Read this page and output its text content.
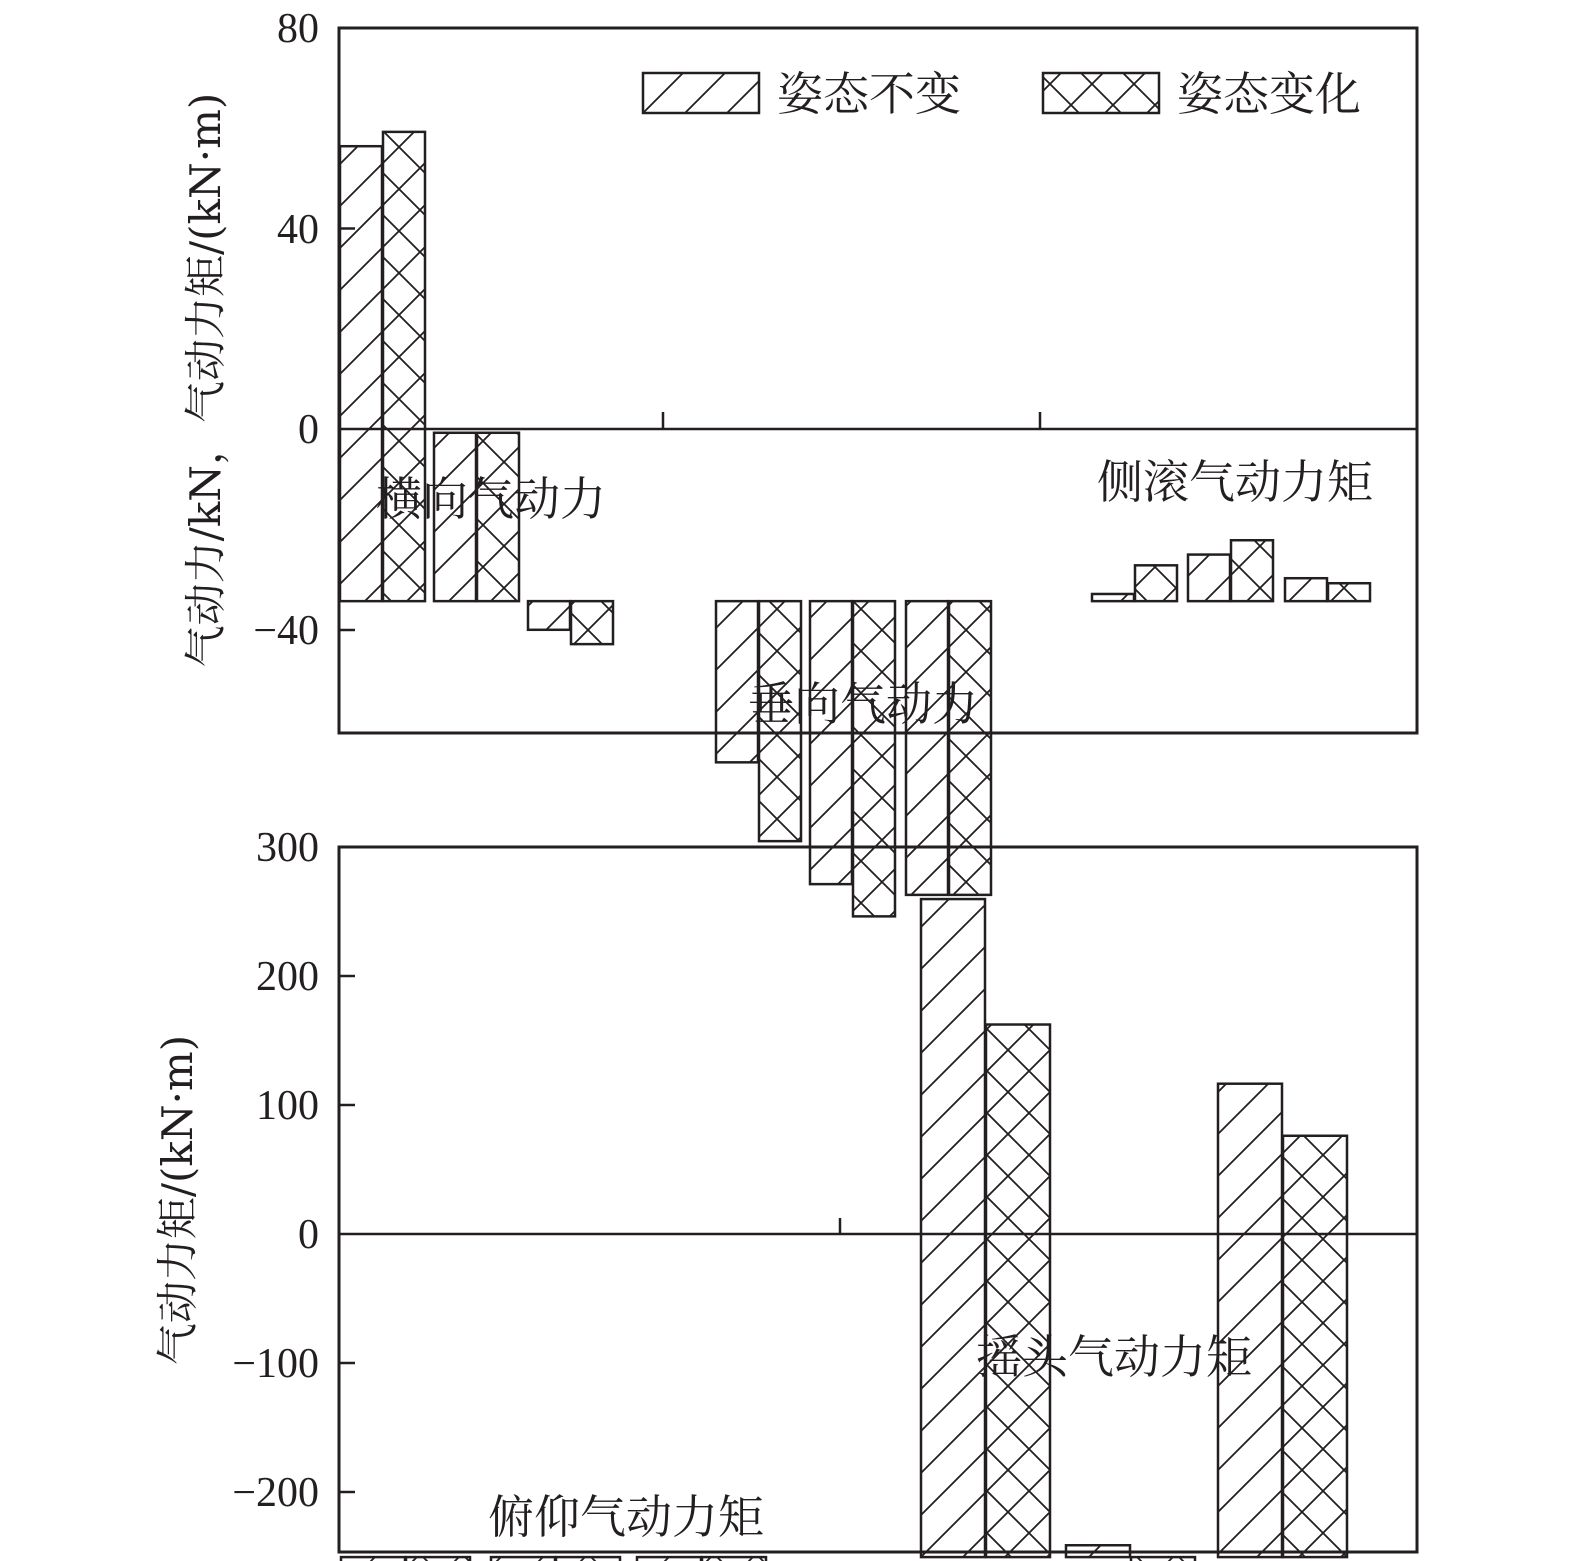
80
40
0
−40
气动力/kN，气动力矩/(kN·m)	横向气动力
垂向气动力
侧滚气动力矩
姿态不变	姿态变化
300
200
100
0
−100
−200
气动力矩/(kN·m)
俯仰气动力矩
摇头气动力矩
